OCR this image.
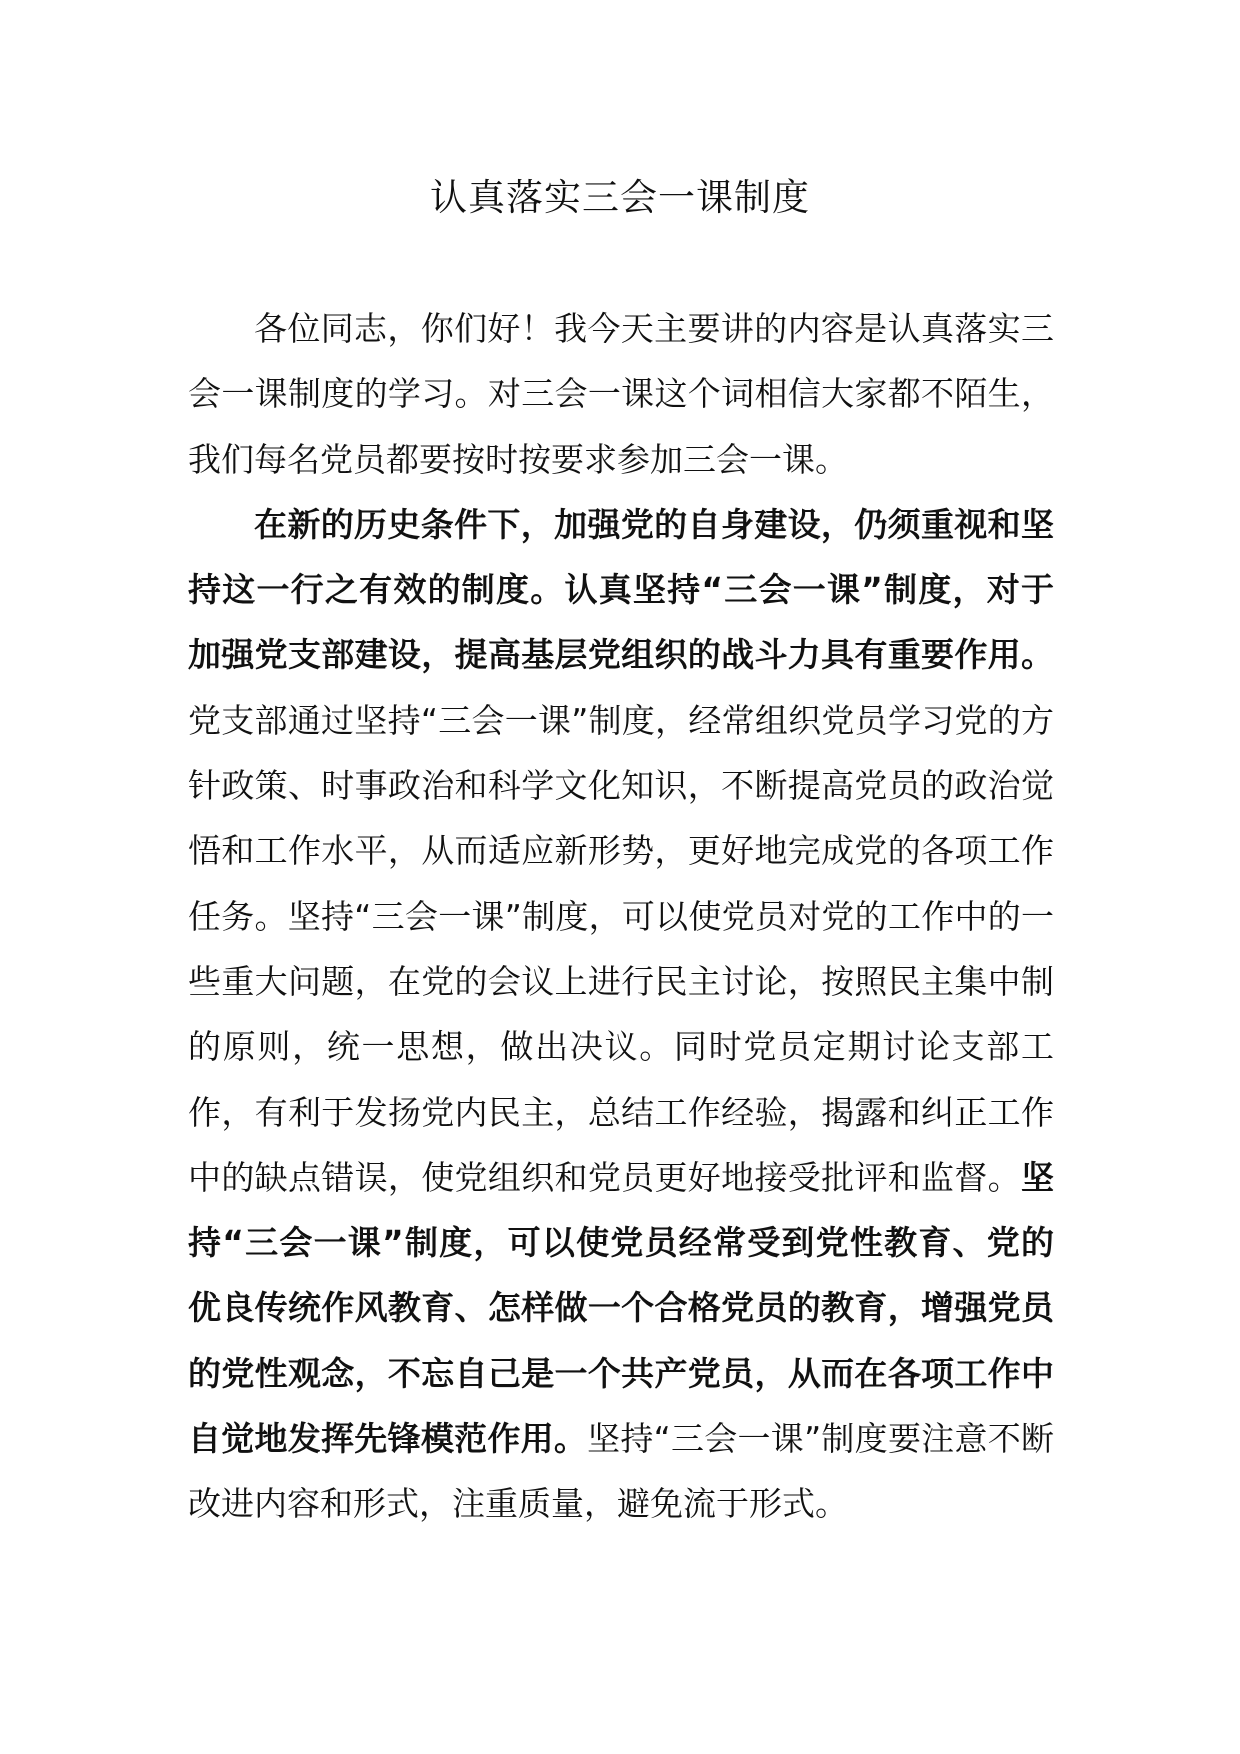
认真落实三会一课制度

各位同志，你们好！我今天主要讲的内容是认真落实三会一课制度的学习。对三会一课这个词相信大家都不陌生，我们每名党员都要按时按要求参加三会一课。

在新的历史条件下，加强党的自身建设，仍须重视和坚持这一行之有效的制度。认真坚持“三会一课”制度，对于加强党支部建设，提高基层党组织的战斗力具有重要作用。党支部通过坚持“三会一课”制度，经常组织党员学习党的方针政策、时事政治和科学文化知识，不断提高党员的政治觉悟和工作水平，从而适应新形势，更好地完成党的各项工作任务。坚持“三会一课”制度，可以使党员对党的工作中的一些重大问题，在党的会议上进行民主讨论，按照民主集中制的原则，统一思想，做出决议。同时党员定期讨论支部工作，有利于发扬党内民主，总结工作经验，揭露和纠正工作中的缺点错误，使党组织和党员更好地接受批评和监督。坚持“三会一课”制度，可以使党员经常受到党性教育、党的优良传统作风教育、怎样做一个合格党员的教育，增强党员的党性观念，不忘自己是一个共产党员，从而在各项工作中自觉地发挥先锋模范作用。坚持“三会一课”制度要注意不断改进内容和形式，注重质量，避免流于形式。
